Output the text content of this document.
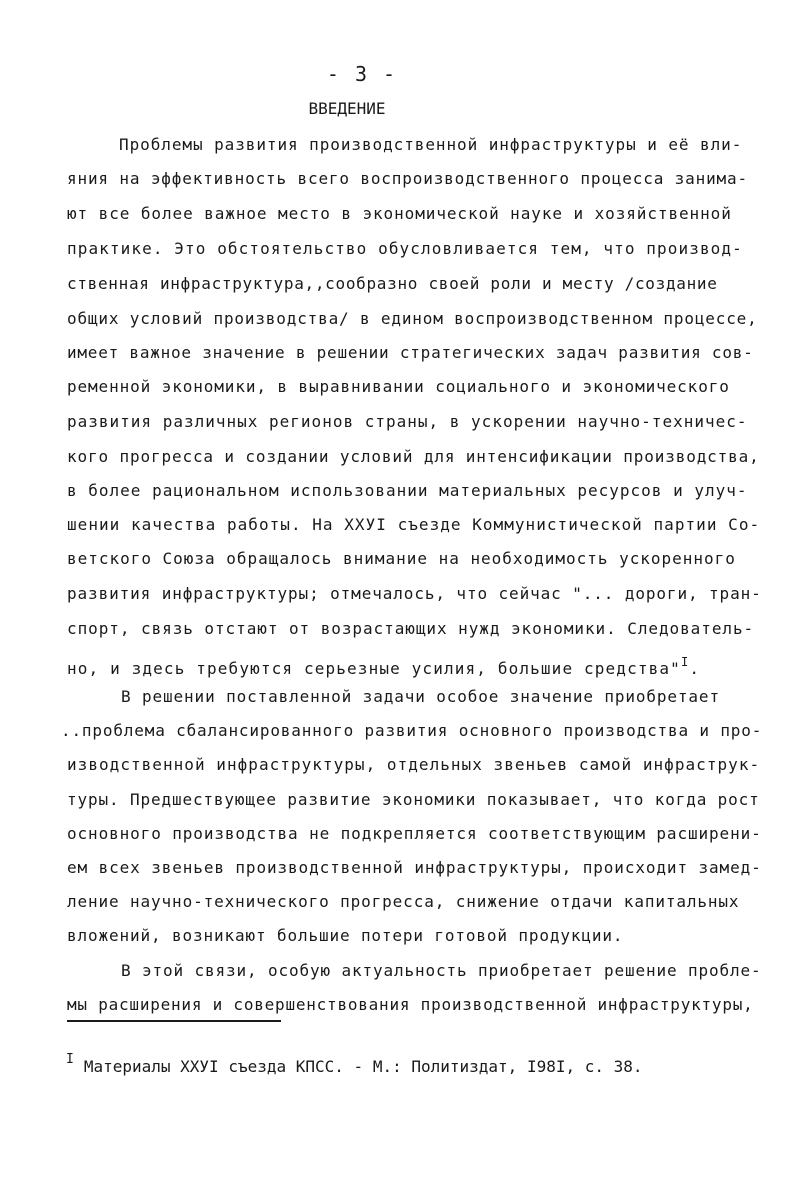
- 3 -
ВВЕДЕНИЕ
Проблемы развития производственной инфраструктуры и её вли-
яния на эффективность всего воспроизводственного процесса занима-
ют все более важное место в экономической науке и хозяйственной
практике. Это обстоятельство обусловливается тем, что производ-
ственная инфраструктура,,сообразно своей роли и месту /создание
общих условий производства/ в едином воспроизводственном процессе,
имеет важное значение в решении стратегических задач развития сов-
ременной экономики, в выравнивании социального и экономического
развития различных регионов страны, в ускорении научно-техничес-
кого прогресса и создании условий для интенсификации производства,
в более рациональном использовании материальных ресурсов и улуч-
шении качества работы. На ХХУI съезде Коммунистической партии Со-
ветского Союза обращалось внимание на необходимость ускоренного
развития инфраструктуры; отмечалось, что сейчас "... дороги, тран-
спорт, связь отстают от возрастающих нужд экономики. Следователь-
но, и здесь требуются серьезные усилия, большие средства"$^I$.
В решении поставленной задачи особое значение приобретает
..проблема сбалансированного развития основного производства и про-
изводственной инфраструктуры, отдельных звеньев самой инфраструк-
туры. Предшествующее развитие экономики показывает, что когда рост
основного производства не подкрепляется соответствующим расширени-
ем всех звеньев производственной инфраструктуры, происходит замед-
ление научно-технического прогресса, снижение отдачи капитальных
вложений, возникают большие потери готовой продукции.
В этой связи, особую актуальность приобретает решение пробле-
мы расширения и совершенствования производственной инфраструктуры,
$^I$ Материалы ХХУI съезда КПСС. - М.: Политиздат, I98I, с. 38.
